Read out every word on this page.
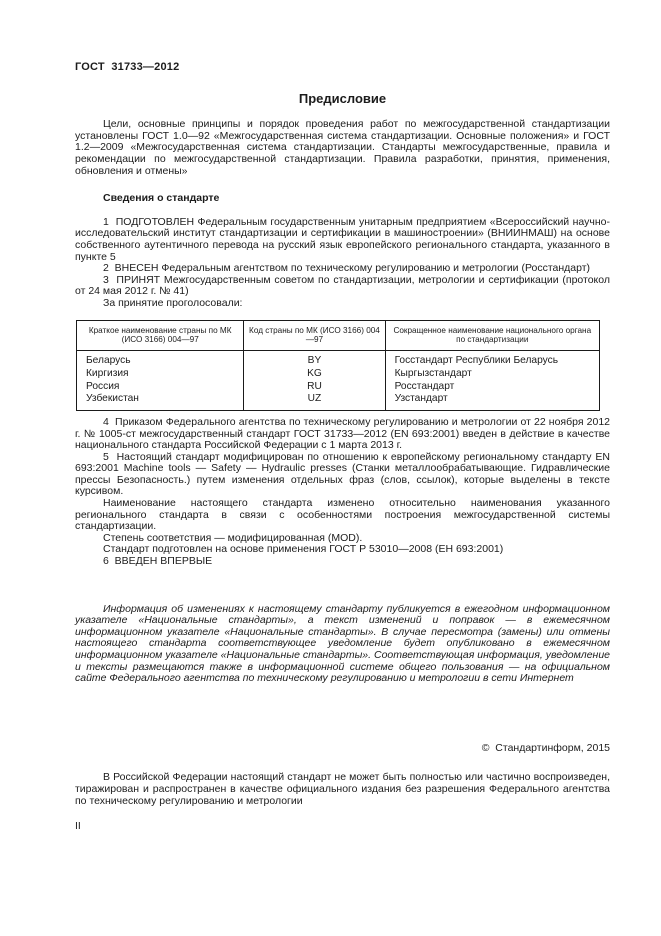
ГОСТ  31733—2012
Предисловие

Цели, основные принципы и порядок проведения работ по межгосударственной стандартизации установлены ГОСТ 1.0—92 «Межгосударственная система стандартизации. Основные положения» и ГОСТ 1.2—2009 «Межгосударственная система стандартизации. Стандарты межгосударственные, правила и рекомендации по межгосударственной стандартизации. Правила разработки, принятия, применения, обновления и отмены»

Сведения о стандарте

1  ПОДГОТОВЛЕН Федеральным государственным унитарным предприятием «Всероссийский научно-исследовательский институт стандартизации и сертификации в машиностроении» (ВНИИНМАШ) на основе собственного аутентичного перевода на русский язык европейского регионального стандарта, указанного в пункте 5

2  ВНЕСЕН Федеральным агентством по техническому регулированию и метрологии (Росстандарт)

3  ПРИНЯТ Межгосударственным советом по стандартизации, метрологии и сертификации (протокол от 24 мая 2012 г. № 41)

За принятие проголосовали:

Краткое наименование страны по МК (ИСО 3166) 004—97	Код страны по МК (ИСО 3166) 004—97	Сокращенное наименование национального органа по стандартизации
Беларусь	BY	Госстандарт Республики Беларусь
Киргизия	KG	Кыргызстандарт
Россия	RU	Росстандарт
Узбекистан	UZ	Узстандарт

4  Приказом Федерального агентства по техническому регулированию и метрологии от 22 ноября 2012 г. № 1005-ст межгосударственный стандарт ГОСТ 31733—2012 (EN 693:2001) введен в действие в качестве национального стандарта Российской Федерации с 1 марта 2013 г.

5  Настоящий стандарт модифицирован по отношению к европейскому региональному стандарту EN 693:2001 Machine tools — Safety — Hydraulic presses (Станки металлообрабатывающие. Гидравлические прессы Безопасность.) путем изменения отдельных фраз (слов, ссылок), которые выделены в тексте курсивом.

Наименование настоящего стандарта изменено относительно наименования указанного регионального стандарта в связи с особенностями построения межгосударственной системы стандартизации.

Степень соответствия — модифицированная (MOD).

Стандарт подготовлен на основе применения ГОСТ Р 53010—2008 (ЕН 693:2001)

6  ВВЕДЕН ВПЕРВЫЕ

Информация об изменениях к настоящему стандарту публикуется в ежегодном информационном указателе «Национальные стандарты», а текст изменений и поправок — в ежемесячном информационном указателе «Национальные стандарты». В случае пересмотра (замены) или отмены настоящего стандарта соответствующее уведомление будет опубликовано в ежемесячном информационном указателе «Национальные стандарты». Соответствующая информация, уведомление и тексты размещаются также в информационной системе общего пользования — на официальном сайте Федерального агентства по техническому регулированию и метрологии в сети Интернет

©  Стандартинформ, 2015

В Российской Федерации настоящий стандарт не может быть полностью или частично воспроизведен, тиражирован и распространен в качестве официального издания без разрешения Федерального агентства по техническому регулированию и метрологии

II
